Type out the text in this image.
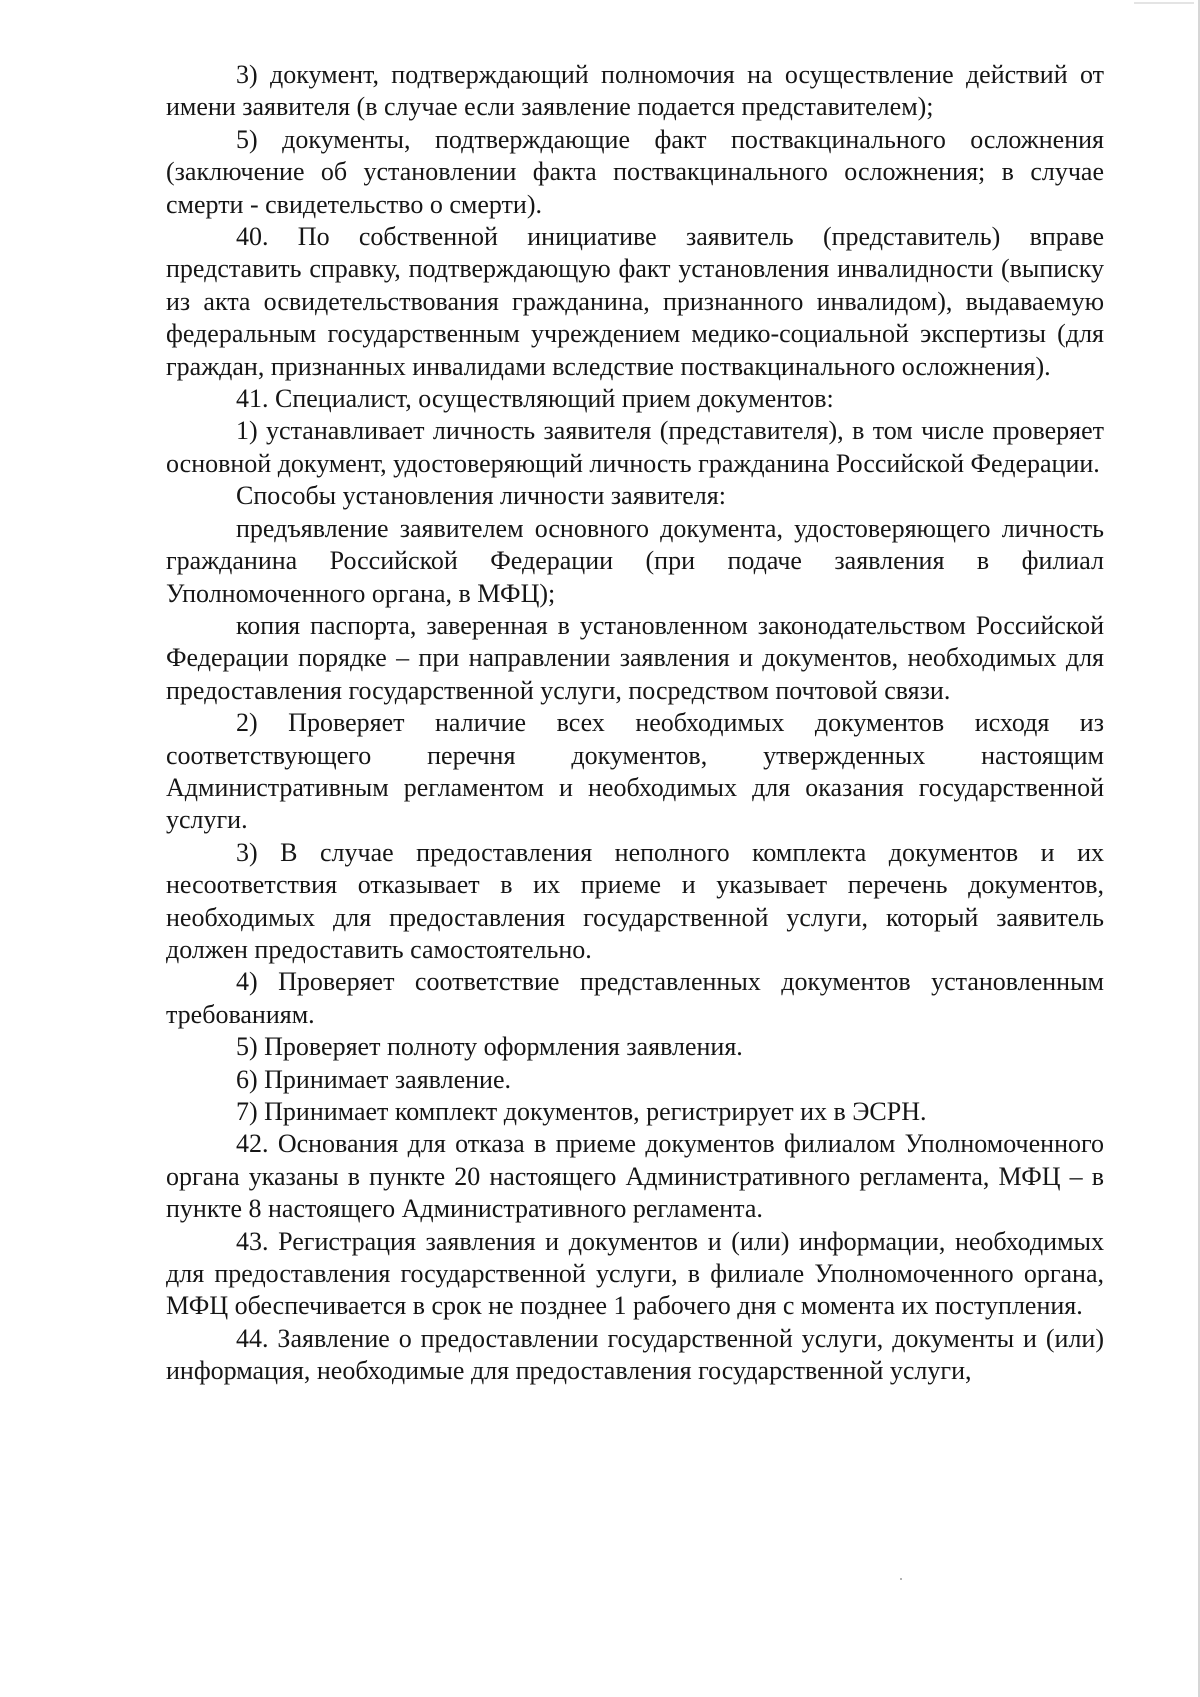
3) документ, подтверждающий полномочия на осуществление действий от имени заявителя (в случае если заявление подается представителем);

5) документы, подтверждающие факт поствакцинального осложнения (заключение об установлении факта поствакцинального осложнения; в случае смерти - свидетельство о смерти).

40. По собственной инициативе заявитель (представитель) вправе представить справку, подтверждающую факт установления инвалидности (выписку из акта освидетельствования гражданина, признанного инвалидом), выдаваемую федеральным государственным учреждением медико-социальной экспертизы (для граждан, признанных инвалидами вследствие поствакцинального осложнения).

41. Специалист, осуществляющий прием документов:

1) устанавливает личность заявителя (представителя), в том числе проверяет основной документ, удостоверяющий личность гражданина Российской Федерации.

Способы установления личности заявителя:

предъявление заявителем основного документа, удостоверяющего личность гражданина Российской Федерации (при подаче заявления в филиал Уполномоченного органа, в МФЦ);

копия паспорта, заверенная в установленном законодательством Российской Федерации порядке – при направлении заявления и документов, необходимых для предоставления государственной услуги, посредством почтовой связи.

2) Проверяет наличие всех необходимых документов исходя из соответствующего перечня документов, утвержденных настоящим Административным регламентом и необходимых для оказания государственной услуги.

3) В случае предоставления неполного комплекта документов и их несоответствия отказывает в их приеме и указывает перечень документов, необходимых для предоставления государственной услуги, который заявитель должен предоставить самостоятельно.

4) Проверяет соответствие представленных документов установленным требованиям.

5) Проверяет полноту оформления заявления.

6) Принимает заявление.

7) Принимает комплект документов, регистрирует их в ЭСРН.

42. Основания для отказа в приеме документов филиалом Уполномоченного органа указаны в пункте 20 настоящего Административного регламента, МФЦ – в пункте 8 настоящего Административного регламента.

43. Регистрация заявления и документов и (или) информации, необходимых для предоставления государственной услуги, в филиале Уполномоченного органа, МФЦ обеспечивается в срок не позднее 1 рабочего дня с момента их поступления.

44. Заявление о предоставлении государственной услуги, документы и (или) информация, необходимые для предоставления государственной услуги,
